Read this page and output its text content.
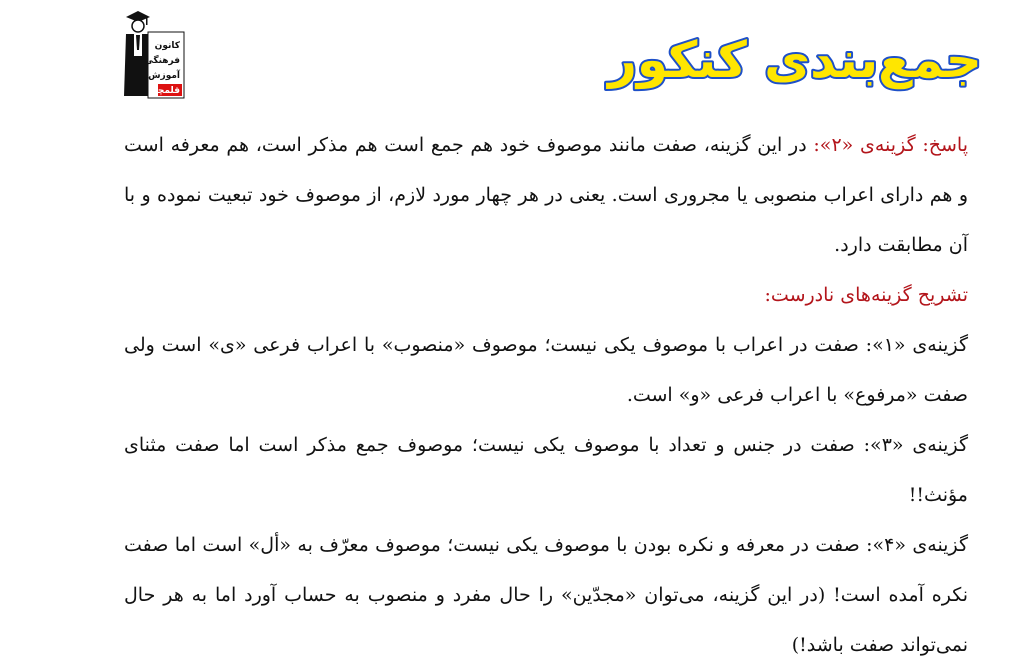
کانون
فرهنگی
آموزش
قلمچی
جمع‌بندی کنکور

پاسخ: گزینه‌ی «۲»: در این گزینه، صفت مانند موصوف خود هم جمع است هم مذکر است، هم معرفه است و هم دارای اعراب منصوبی یا مجروری است. یعنی در هر چهار مورد لازم، از موصوف خود تبعیت نموده و با آن مطابقت دارد.

تشریح گزینه‌های نادرست:

گزینه‌ی «۱»: صفت در اعراب با موصوف یکی نیست؛ موصوف «منصوب» با اعراب فرعی «ی» است ولی صفت «مرفوع» با اعراب فرعی «و» است.

گزینه‌ی «۳»: صفت در جنس و تعداد با موصوف یکی نیست؛ موصوف جمع مذکر است اما صفت مثنای مؤنث!!

گزینه‌ی «۴»: صفت در معرفه و نکره بودن با موصوف یکی نیست؛ موصوف معرّف به «أل» است اما صفت نکره آمده است! (در این گزینه، می‌توان «مجدّین» را حال مفرد و منصوب به حساب آورد اما به هر حال نمی‌تواند صفت باشد!)
